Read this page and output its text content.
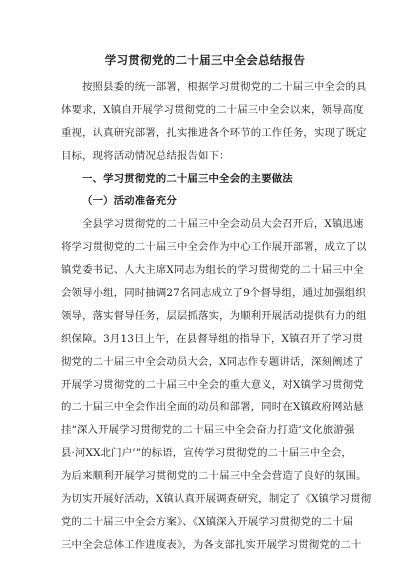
学习贯彻党的二十届三中全会总结报告
按照县委的统一部署，根据学习贯彻党的二十届三中全会的具
体要求，X镇自开展学习贯彻党的二十届三中全会以来，领导高度
重视，认真研究部署，扎实推进各个环节的工作任务，实现了既定
目标，现将活动情况总结报告如下：
一、学习贯彻党的二十届三中全会的主要做法
（一）活动准备充分
全县学习贯彻党的二十届三中全会动员大会召开后，X镇迅速
将学习贯彻党的二十届三中全会作为中心工作展开部署，成立了以
镇党委书记、人大主席X同志为组长的学习贯彻党的二十届三中全
会领导小组，同时抽调27名同志成立了9个督导组，通过加强组织
领导，落实督导任务，层层抓落实，为顺利开展活动提供有力的组
织保障。3月13日上午，在县督导组的指导下，X镇召开了学习贯
彻党的二十届三中全会动员大会，X同志作专题讲话，深刻阐述了
开展学习贯彻党的二十届三中全会的重大意义，对X镇学习贯彻党
的二十届三中全会作出全面的动员和部署，同时在X镇政府网站悬
挂“深入开展学习贯彻党的二十届三中全会奋力打造‘文化旅游强
县·河XX北门户’”的标语，宣传学习贯彻党的二十届三中全会，
为后来顺利开展学习贯彻党的二十届三中全会营造了良好的氛围。
为切实开展好活动，X镇认真开展调查研究，制定了《X镇学习贯彻
党的二十届三中全会方案》、《X镇深入开展学习贯彻党的二十届
三中全会总体工作进度表》，为各支部扎实开展学习贯彻党的二十
